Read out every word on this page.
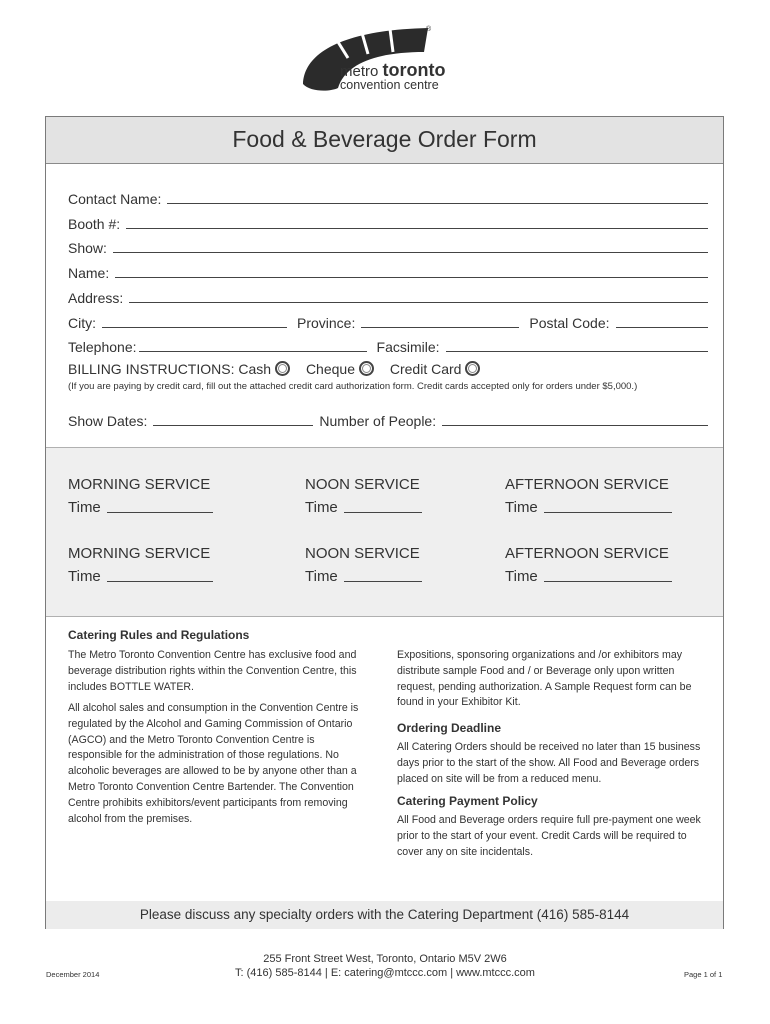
®
metro toronto
convention centre
Food & Beverage Order Form
Contact Name:
Booth #:
Show:
Name:
Address:
City:	Province:	Postal Code:
Telephone:	Facsimile:
BILLING INSTRUCTIONS: Cash Cheque Credit Card
(If you are paying by credit card, fill out the attached credit card authorization form. Credit cards accepted only for orders under $5,000.)
Show Dates:	Number of People:
MORNING SERVICE	NOON SERVICE	AFTERNOON SERVICE
Time	Time	Time
MORNING SERVICE	NOON SERVICE	AFTERNOON SERVICE
Time	Time	Time
Catering Rules and Regulations
The Metro Toronto Convention Centre has exclusive food and beverage distribution rights within the Convention Centre, this includes BOTTLE WATER.
All alcohol sales and consumption in the Convention Centre is regulated by the Alcohol and Gaming Commission of Ontario (AGCO) and the Metro Toronto Convention Centre is responsible for the administration of those regulations. No alcoholic beverages are allowed to be by anyone other than a Metro Toronto Convention Centre Bartender. The Convention Centre prohibits exhibitors/event participants from removing alcohol from the premises.
Expositions, sponsoring organizations and /or exhibitors may distribute sample Food and / or Beverage only upon written request, pending authorization. A Sample Request form can be found in your Exhibitor Kit.
Ordering Deadline
All Catering Orders should be received no later than 15 business days prior to the start of the show. All Food and Beverage orders placed on site will be from a reduced menu.
Catering Payment Policy
All Food and Beverage orders require full pre-payment one week prior to the start of your event. Credit Cards will be required to cover any on site incidentals.
Please discuss any specialty orders with the Catering Department (416) 585-8144
255 Front Street West, Toronto, Ontario M5V 2W6
T: (416) 585-8144 | E: catering@mtccc.com | www.mtccc.com
December 2014	Page 1 of 1
